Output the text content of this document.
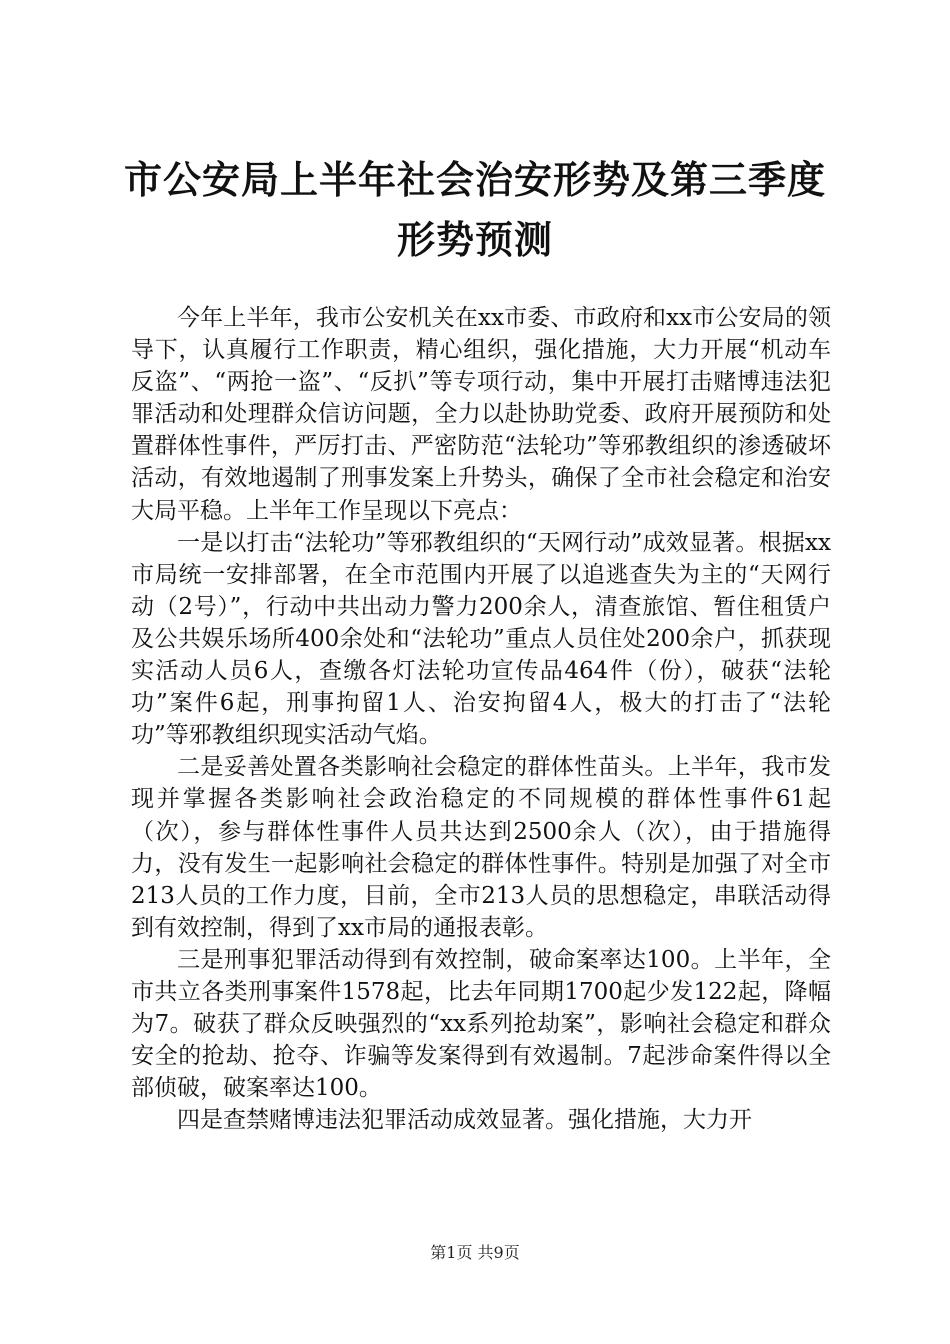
市公安局上半年社会治安形势及第三季度形势预测

今年上半年，我市公安机关在xx市委、市政府和xx市公安局的领导下，认真履行工作职责，精心组织，强化措施，大力开展“机动车反盗”、“两抢一盗”、“反扒”等专项行动，集中开展打击赌博违法犯罪活动和处理群众信访问题，全力以赴协助党委、政府开展预防和处置群体性事件，严厉打击、严密防范“法轮功”等邪教组织的渗透破坏活动，有效地遏制了刑事发案上升势头，确保了全市社会稳定和治安大局平稳。上半年工作呈现以下亮点：

一是以打击“法轮功”等邪教组织的“天网行动”成效显著。根据xx市局统一安排部署，在全市范围内开展了以追逃查失为主的“天网行动（2号）”，行动中共出动力警力200余人，清查旅馆、暂住租赁户及公共娱乐场所400余处和“法轮功”重点人员住处200余户，抓获现实活动人员6人，查缴各灯法轮功宣传品464件（份），破获“法轮功”案件6起，刑事拘留1人、治安拘留4人，极大的打击了“法轮功”等邪教组织现实活动气焰。

二是妥善处置各类影响社会稳定的群体性苗头。上半年，我市发现并掌握各类影响社会政治稳定的不同规模的群体性事件61起（次），参与群体性事件人员共达到2500余人（次），由于措施得力，没有发生一起影响社会稳定的群体性事件。特别是加强了对全市213人员的工作力度，目前，全市213人员的思想稳定，串联活动得到有效控制，得到了xx市局的通报表彰。

三是刑事犯罪活动得到有效控制，破命案率达100。上半年，全市共立各类刑事案件1578起，比去年同期1700起少发122起，降幅为7。破获了群众反映强烈的“xx系列抢劫案”，影响社会稳定和群众安全的抢劫、抢夺、诈骗等发案得到有效遏制。7起涉命案件得以全部侦破，破案率达100。

四是查禁赌博违法犯罪活动成效显著。强化措施，大力开

第1页 共9页
